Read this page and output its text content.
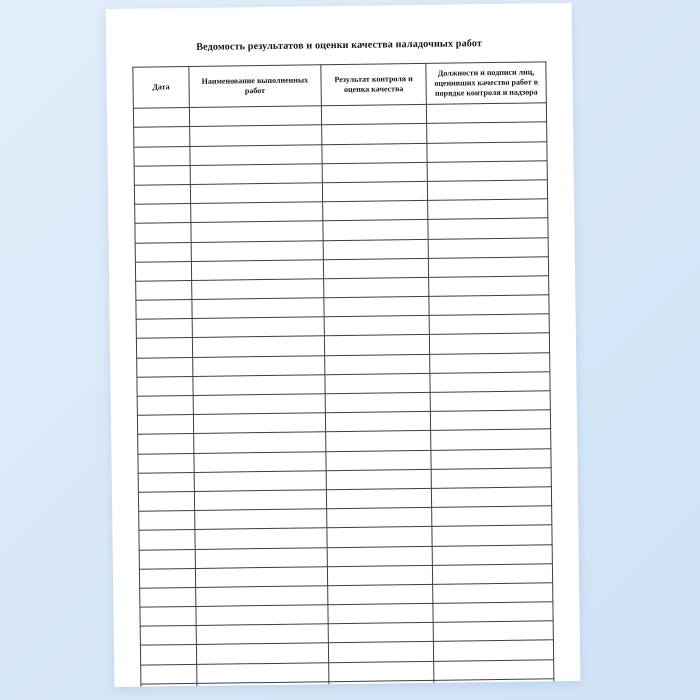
Ведомость результатов и оценки качества наладочных работ
Дата	Наименование выполненных работ	Результат контроля и оценка качества	Должности и подписи лиц, оценивших качество работ в порядке контроля и надзора
